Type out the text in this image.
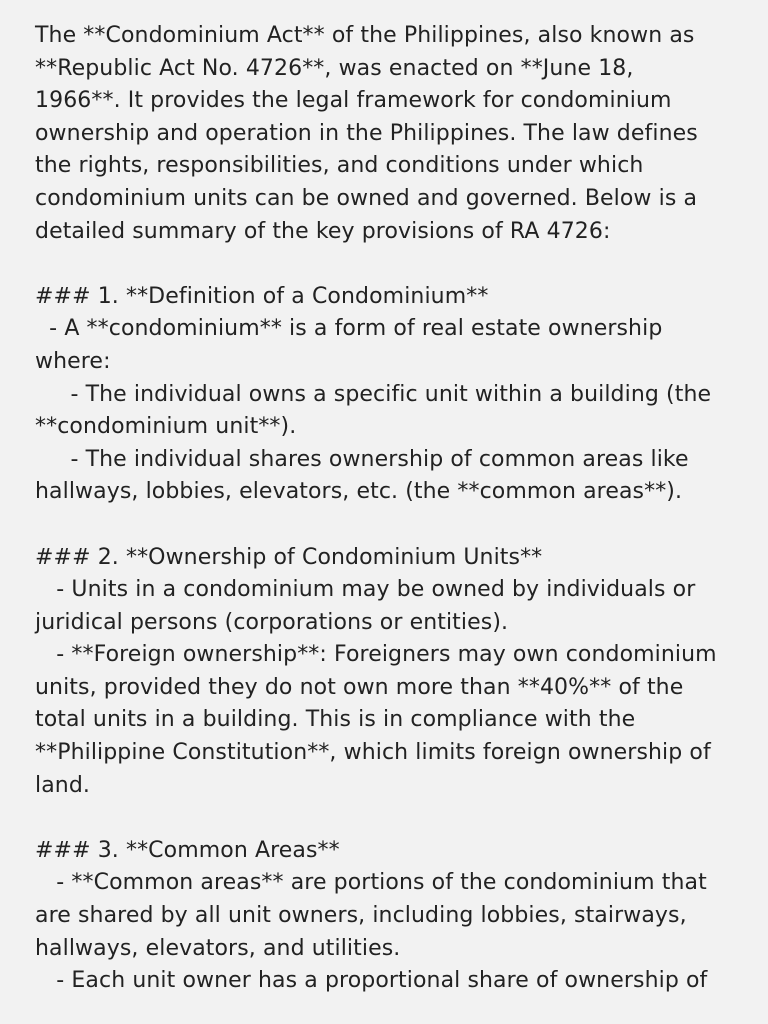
The **Condominium Act** of the Philippines, also known as
**Republic Act No. 4726**, was enacted on **June 18,
1966**. It provides the legal framework for condominium
ownership and operation in the Philippines. The law defines
the rights, responsibilities, and conditions under which
condominium units can be owned and governed. Below is a
detailed summary of the key provisions of RA 4726:
### 1. **Definition of a Condominium**
- A **condominium** is a form of real estate ownership
where:
- The individual owns a specific unit within a building (the
**condominium unit**).
- The individual shares ownership of common areas like
hallways, lobbies, elevators, etc. (the **common areas**).
### 2. **Ownership of Condominium Units**
- Units in a condominium may be owned by individuals or
juridical persons (corporations or entities).
- **Foreign ownership**: Foreigners may own condominium
units, provided they do not own more than **40%** of the
total units in a building. This is in compliance with the
**Philippine Constitution**, which limits foreign ownership of
land.
### 3. **Common Areas**
- **Common areas** are portions of the condominium that
are shared by all unit owners, including lobbies, stairways,
hallways, elevators, and utilities.
- Each unit owner has a proportional share of ownership of
